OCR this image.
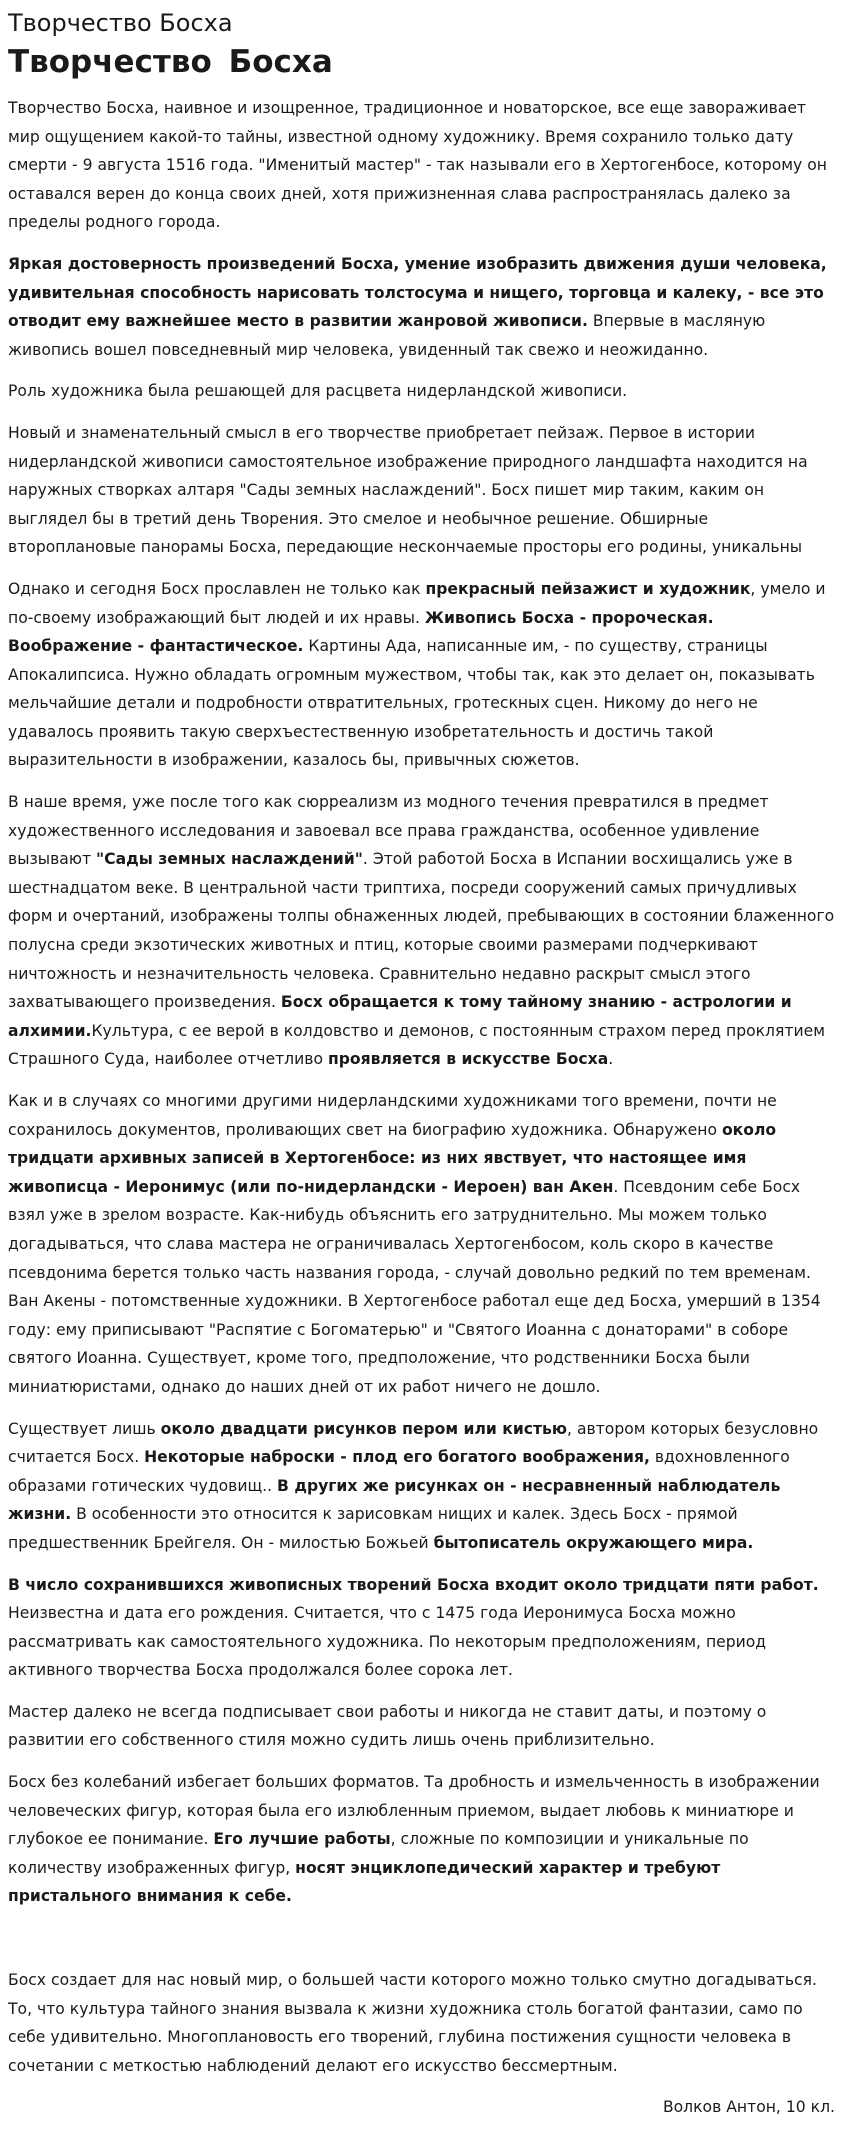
Творчество Босха
Творчество Босха

Творчество Босха, наивное и изощренное, традиционное и новаторское, все еще завораживает мир ощущением какой-то тайны, известной одному художнику. Время сохранило только дату смерти - 9 августа 1516 года. "Именитый мастер" - так называли его в Хертогенбосе, которому он оставался верен до конца своих дней, хотя прижизненная слава распространялась далеко за пределы родного города.

Яркая достоверность произведений Босха, умение изобразить движения души человека, удивительная способность нарисовать толстосума и нищего, торговца и калеку, - все это отводит ему важнейшее место в развитии жанровой живописи. Впервые в масляную живопись вошел повседневный мир человека, увиденный так свежо и неожиданно.

Роль художника была решающей для расцвета нидерландской живописи.

Новый и знаменательный смысл в его творчестве приобретает пейзаж. Первое в истории нидерландской живописи самостоятельное изображение природного ландшафта находится на наружных створках алтаря "Сады земных наслаждений". Босх пишет мир таким, каким он выглядел бы в третий день Творения. Это смелое и необычное решение. Обширные второплановые панорамы Босха, передающие нескончаемые просторы его родины, уникальны

Однако и сегодня Босх прославлен не только как прекрасный пейзажист и художник, умело и по-своему изображающий быт людей и их нравы. Живопись Босха - пророческая. Воображение - фантастическое. Картины Ада, написанные им, - по существу, страницы Апокалипсиса. Нужно обладать огромным мужеством, чтобы так, как это делает он, показывать мельчайшие детали и подробности отвратительных, гротескных сцен. Никому до него не удавалось проявить такую сверхъестественную изобретательность и достичь такой выразительности в изображении, казалось бы, привычных сюжетов.

В наше время, уже после того как сюрреализм из модного течения превратился в предмет художественного исследования и завоевал все права гражданства, особенное удивление вызывают "Сады земных наслаждений". Этой работой Босха в Испании восхищались уже в шестнадцатом веке. В центральной части триптиха, посреди сооружений самых причудливых форм и очертаний, изображены толпы обнаженных людей, пребывающих в состоянии блаженного полусна среди экзотических животных и птиц, которые своими размерами подчеркивают ничтожность и незначительность человека. Сравнительно недавно раскрыт смысл этого захватывающего произведения. Босх обращается к тому тайному знанию - астрологии и алхимии.Культура, с ее верой в колдовство и демонов, с постоянным страхом перед проклятием Страшного Суда, наиболее отчетливо проявляется в искусстве Босха.

Как и в случаях со многими другими нидерландскими художниками того времени, почти не сохранилось документов, проливающих свет на биографию художника. Обнаружено около тридцати архивных записей в Хертогенбосе: из них явствует, что настоящее имя живописца - Иеронимус (или по-нидерландски - Иероен) ван Акен. Псевдоним себе Босх взял уже в зрелом возрасте. Как-нибудь объяснить его затруднительно. Мы можем только догадываться, что слава мастера не ограничивалась Хертогенбосом, коль скоро в качестве псевдонима берется только часть названия города, - случай довольно редкий по тем временам. Ван Акены - потомственные художники. В Хертогенбосе работал еще дед Босха, умерший в 1354 году: ему приписывают "Распятие с Богоматерью" и "Святого Иоанна с донаторами" в соборе святого Иоанна. Существует, кроме того, предположение, что родственники Босха были миниатюристами, однако до наших дней от их работ ничего не дошло.

Существует лишь около двадцати рисунков пером или кистью, автором которых безусловно считается Босх. Некоторые наброски - плод его богатого воображения, вдохновленного образами готических чудовищ.. В других же рисунках он - несравненный наблюдатель жизни. В особенности это относится к зарисовкам нищих и калек. Здесь Босх - прямой предшественник Брейгеля. Он - милостью Божьей бытописатель окружающего мира.

В число сохранившихся живописных творений Босха входит около тридцати пяти работ. Неизвестна и дата его рождения. Считается, что с 1475 года Иеронимуса Босха можно рассматривать как самостоятельного художника. По некоторым предположениям, период активного творчества Босха продолжался более сорока лет.

Мастер далеко не всегда подписывает свои работы и никогда не ставит даты, и поэтому о развитии его собственного стиля можно судить лишь очень приблизительно.

Босх без колебаний избегает больших форматов. Та дробность и измельченность в изображении человеческих фигур, которая была его излюбленным приемом, выдает любовь к миниатюре и глубокое ее понимание. Его лучшие работы, сложные по композиции и уникальные по количеству изображенных фигур, носят энциклопедический характер и требуют пристального внимания к себе.

Босх создает для нас новый мир, о большей части которого можно только смутно догадываться. То, что культура тайного знания вызвала к жизни художника столь богатой фантазии, само по себе удивительно. Многоплановость его творений, глубина постижения сущности человека в сочетании с меткостью наблюдений делают его искусство бессмертным.

Волков Антон, 10 кл.
